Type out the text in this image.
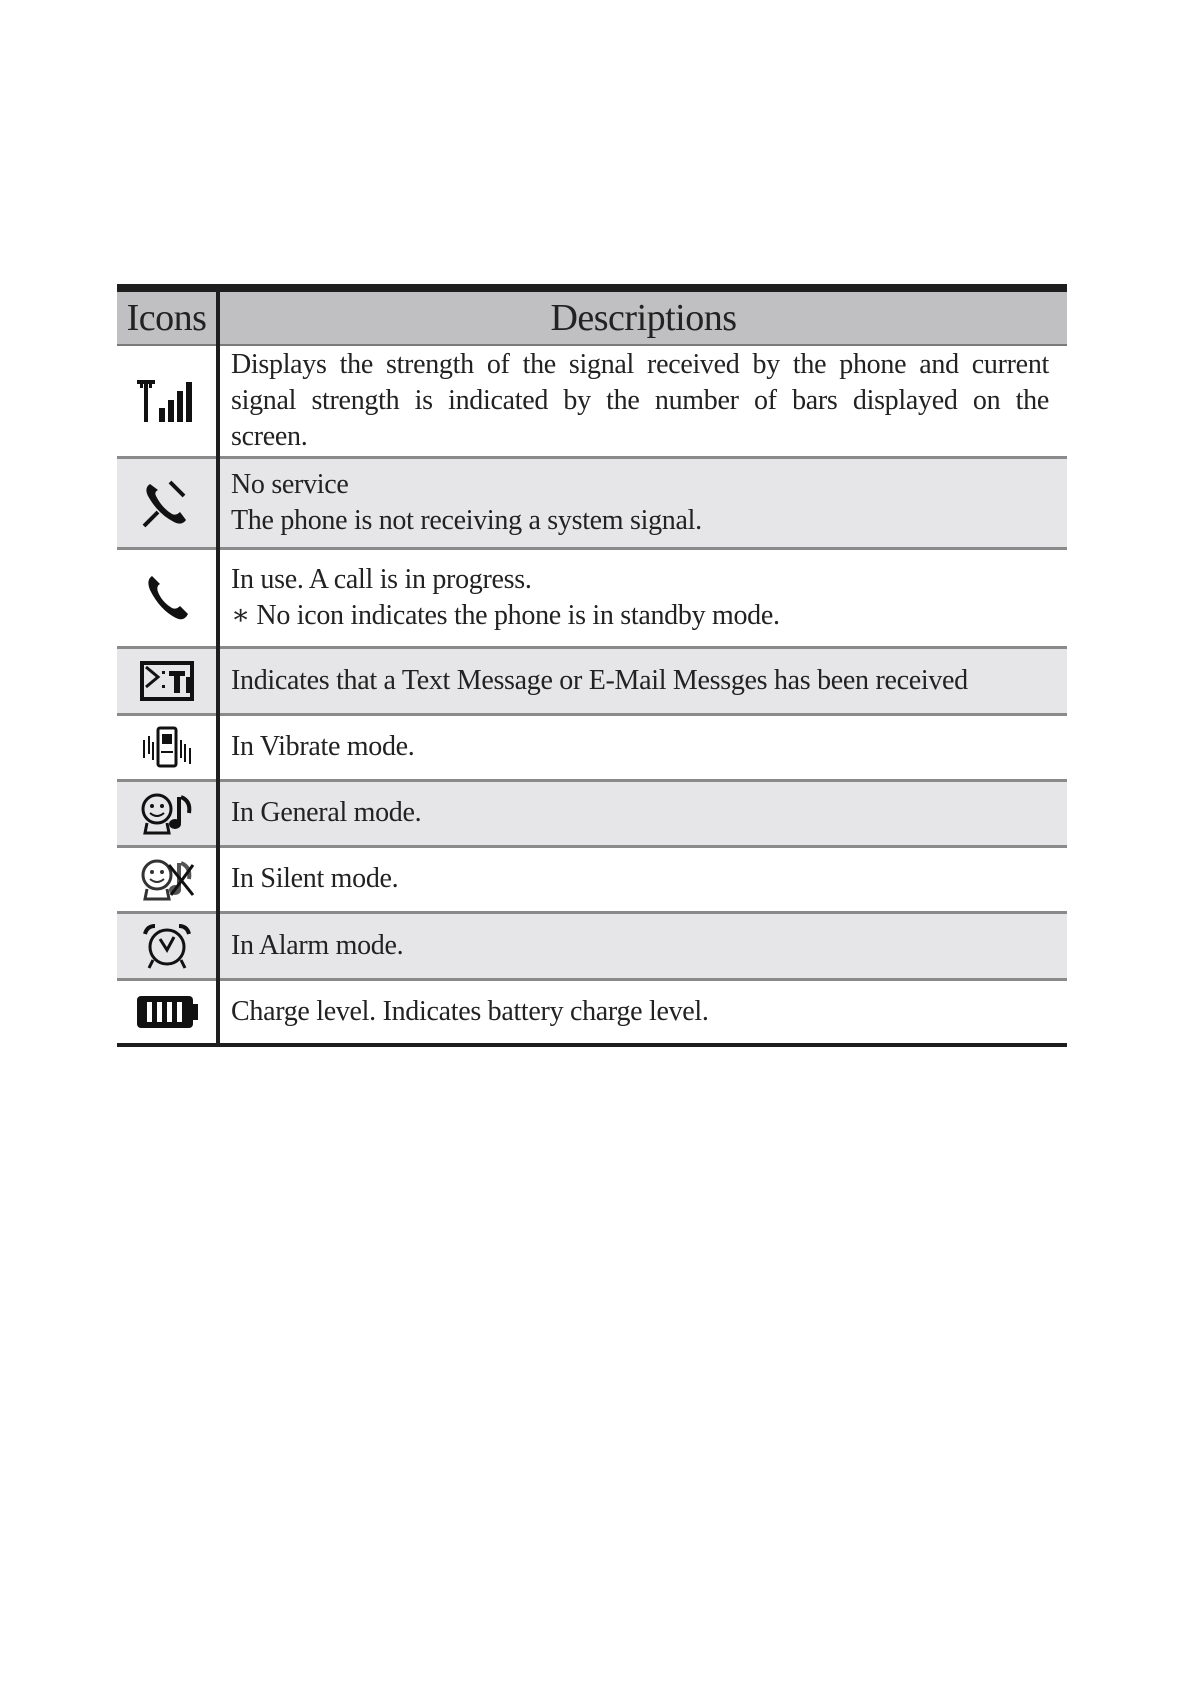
Icons	Descriptions

Displays the strength of the signal received by the phone and current
signal strength is indicated by the number of bars displayed on the
screen.

No service
The phone is not receiving a system signal.

In use. A call is in progress.
∗ No icon indicates the phone is in standby mode.

Indicates that a Text Message or E-Mail Messges has been received

In Vibrate mode.

In General mode.

In Silent mode.

In Alarm mode.

Charge level. Indicates battery charge level.
